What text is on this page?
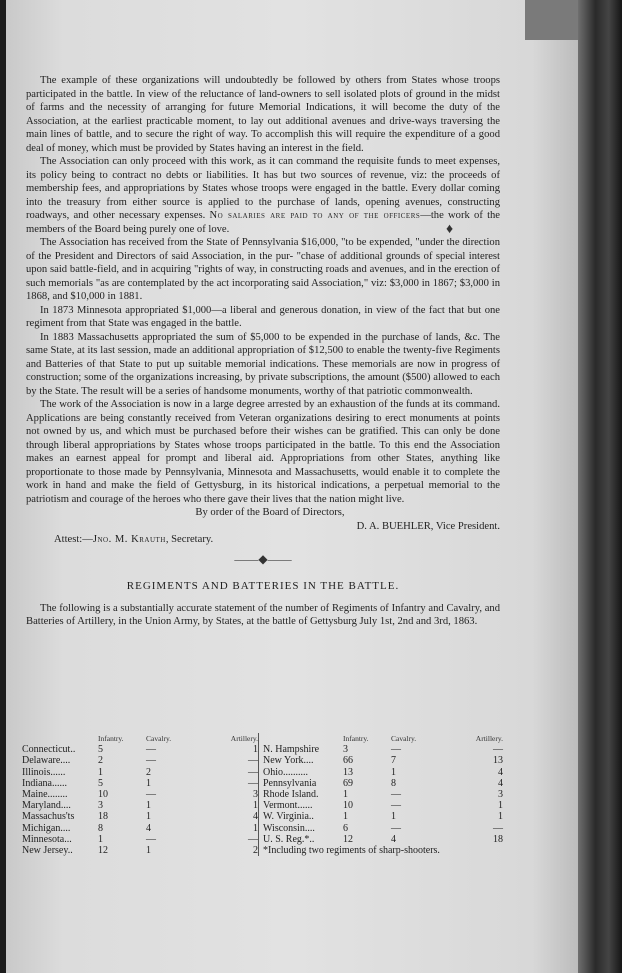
The example of these organizations will undoubtedly be followed by others from States whose troops participated in the battle. In view of the reluctance of land-owners to sell isolated plots of ground in the midst of farms and the necessity of arranging for future Memorial Indications, it will become the duty of the Association, at the earliest practicable moment, to lay out additional avenues and drive-ways traversing the main lines of battle, and to secure the right of way. To accomplish this will require the expenditure of a good deal of money, which must be provided by States having an interest in the field.

The Association can only proceed with this work, as it can command the requisite funds to meet expenses, its policy being to contract no debts or liabilities. It has but two sources of revenue, viz: the proceeds of membership fees, and appropriations by States whose troops were engaged in the battle. Every dollar coming into the treasury from either source is applied to the purchase of lands, opening avenues, constructing roadways, and other necessary expenses. No salaries are paid to any of the officers—the work of the members of the Board being purely one of love.

The Association has received from the State of Pennsylvania $16,000, "to be expended, "under the direction of the President and Directors of said Association, in the pur- "chase of additional grounds of special interest upon said battle-field, and in acquiring "rights of way, in constructing roads and avenues, and in the erection of such memorials "as are contemplated by the act incorporating said Association," viz: $3,000 in 1867; $3,000 in 1868, and $10,000 in 1881.

In 1873 Minnesota appropriated $1,000—a liberal and generous donation, in view of the fact that but one regiment from that State was engaged in the battle.

In 1883 Massachusetts appropriated the sum of $5,000 to be expended in the purchase of lands, &c. The same State, at its last session, made an additional appropriation of $12,500 to enable the twenty-five Regiments and Batteries of that State to put up suitable memorial indications. These memorials are now in progress of construction; some of the organizations increasing, by private subscriptions, the amount ($500) allowed to each by the State. The result will be a series of handsome monuments, worthy of that patriotic commonwealth.

The work of the Association is now in a large degree arrested by an exhaustion of the funds at its command. Applications are being constantly received from Veteran organizations desiring to erect monuments at points not owned by us, and which must be purchased before their wishes can be gratified. This can only be done through liberal appropriations by States whose troops participated in the battle. To this end the Association makes an earnest appeal for prompt and liberal aid. Appropriations from other States, anything like proportionate to those made by Pennsylvania, Minnesota and Massachusetts, would enable it to complete the work in hand and make the field of Gettysburg, in its historical indications, a perpetual memorial to the patriotism and courage of the heroes who there gave their lives that the nation might live.

By order of the Board of Directors,

D. A. BUEHLER, Vice President.

Attest:—Jno. M. Krauth, Secretary.

——◆——
REGIMENTS AND BATTERIES IN THE BATTLE.

The following is a substantially accurate statement of the number of Regiments of Infantry and Cavalry, and Batteries of Artillery, in the Union Army, by States, at the battle of Gettysburg July 1st, 2nd and 3rd, 1863.

Infantry.	Cavalry.	Artillery.
Connecticut..	5	—	1
Delaware....	2	—	—
Illinois......	1	2	—
Indiana......	5	1	—
Maine........	10	—	3
Maryland....	3	1	1
Massachus'ts	18	1	4
Michigan....	8	4	1
Minnesota...	1	—	—
New Jersey..	12	1	2
Infantry.	Cavalry.	Artillery.
N. Hampshire	3	—	—
New York....	66	7	13
Ohio..........	13	1	4
Pennsylvania	69	8	4
Rhode Island.	1	—	3
Vermont......	10	—	1
W. Virginia..	1	1	1
Wisconsin....	6	—	—
U. S. Reg.*..	12	4	18
*Including two regiments of sharp-shooters.
♦
